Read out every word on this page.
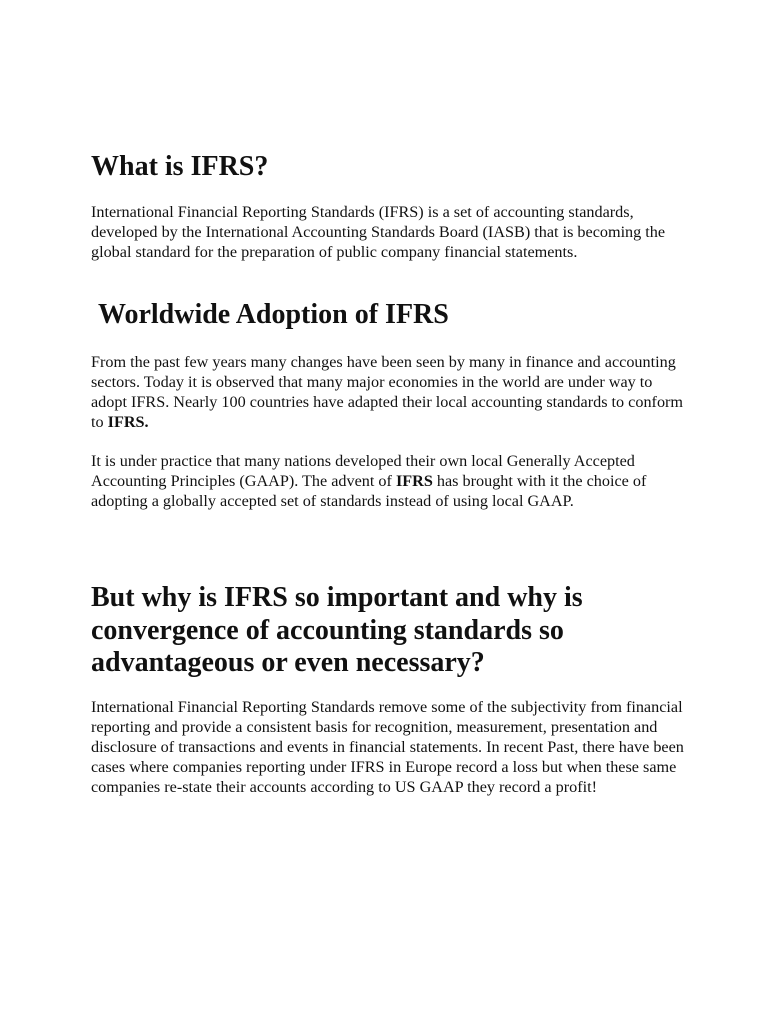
What is IFRS?

International Financial Reporting Standards (IFRS) is a set of accounting standards, developed by the International Accounting Standards Board (IASB) that is becoming the global standard for the preparation of public company financial statements.

Worldwide Adoption of IFRS

From the past few years many changes have been seen by many in finance and accounting sectors. Today it is observed that many major economies in the world are under way to adopt IFRS. Nearly 100 countries have adapted their local accounting standards to conform to IFRS.

It is under practice that many nations developed their own local Generally Accepted Accounting Principles (GAAP). The advent of IFRS has brought with it the choice of adopting a globally accepted set of standards instead of using local GAAP.

But why is IFRS so important and why is convergence of accounting standards so advantageous or even necessary?

International Financial Reporting Standards remove some of the subjectivity from financial reporting and provide a consistent basis for recognition, measurement, presentation and disclosure of transactions and events in financial statements. In recent Past, there have been cases where companies reporting under IFRS in Europe record a loss but when these same companies re-state their accounts according to US GAAP they record a profit!
